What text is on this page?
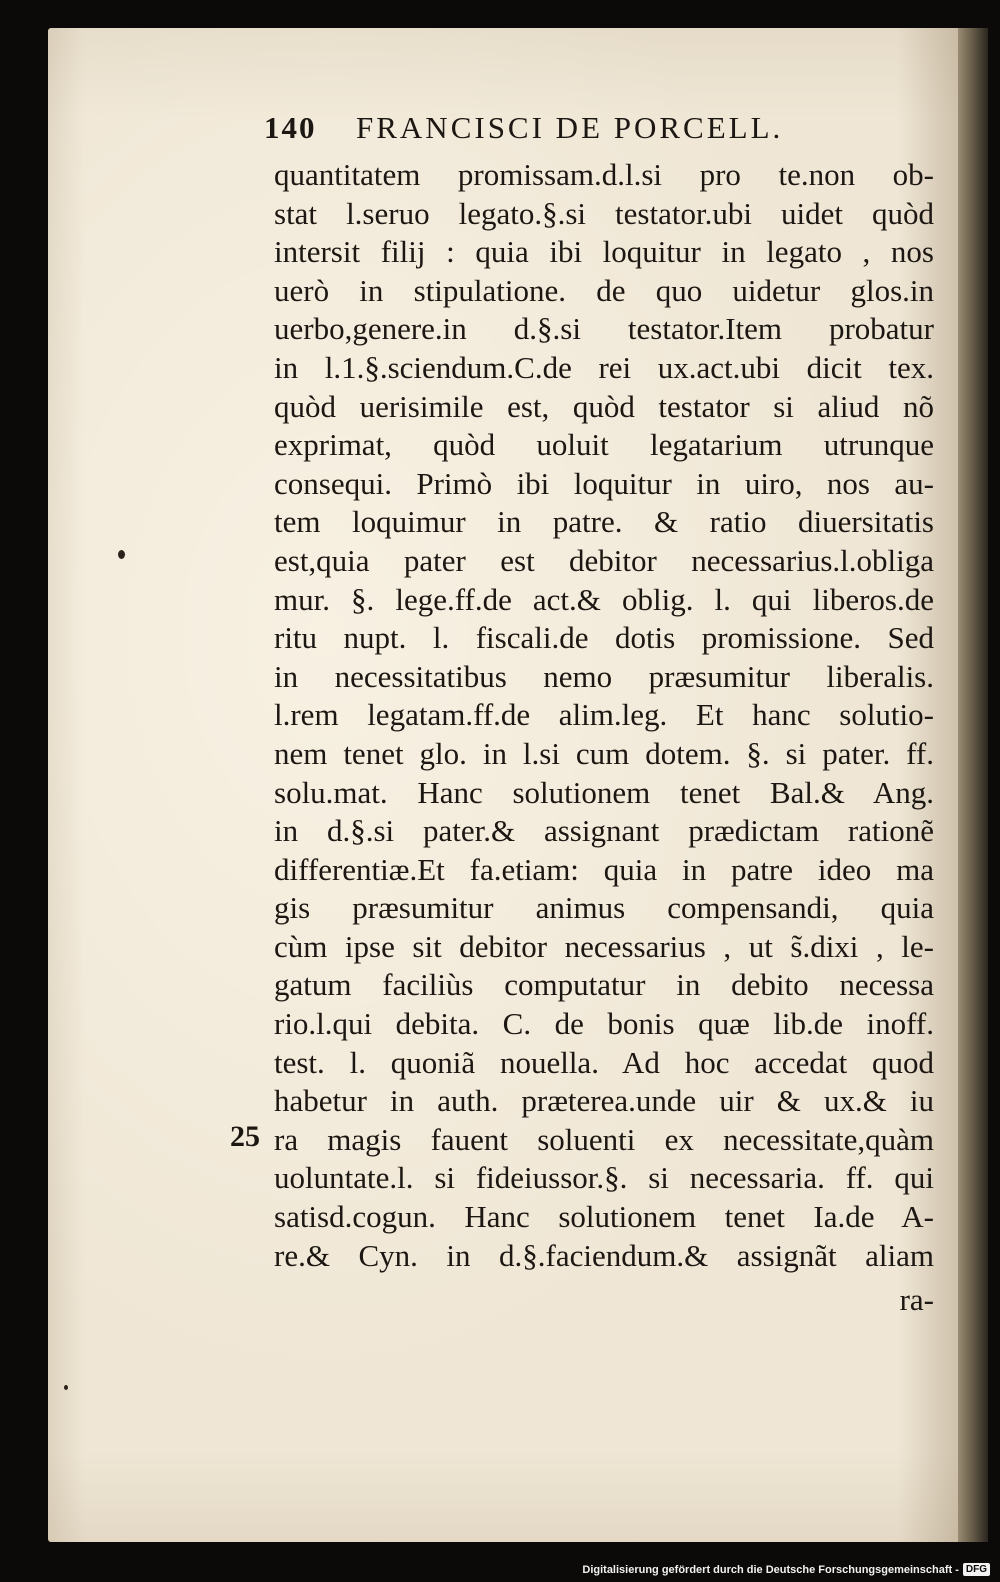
140	FRANCISCI DE PORCELL.
quantitatem promissam.d.l.si pro te.non ob-
stat l.seruo legato.§.si testator.ubi uidet quòd
intersit filij : quia ibi loquitur in legato , nos
uerò in stipulatione. de quo uidetur glos.in
uerbo,genere.in d.§.si testator.Item probatur
in l.1.§.sciendum.C.de rei ux.act.ubi dicit tex.
quòd uerisimile est, quòd testator si aliud nõ
exprimat, quòd uoluit legatarium utrunque
consequi. Primò ibi loquitur in uiro, nos au-
tem loquimur in patre. & ratio diuersitatis
est,quia pater est debitor necessarius.l.obliga
mur. §. lege.ff.de act.& oblig. l. qui liberos.de
ritu nupt. l. fiscali.de dotis promissione. Sed
in necessitatibus nemo præsumitur liberalis.
l.rem legatam.ff.de alim.leg. Et hanc solutio-
nem tenet glo. in l.si cum dotem. §. si pater. ff.
solu.mat. Hanc solutionem tenet Bal.& Ang.
in d.§.si pater.& assignant prædictam rationẽ
differentiæ.Et fa.etiam: quia in patre ideo ma
gis præsumitur animus compensandi, quia
cùm ipse sit debitor necessarius , ut s̃.dixi , le-
gatum faciliùs computatur in debito necessa
rio.l.qui debita. C. de bonis quæ lib.de inoff.
test. l. quoniã nouella. Ad hoc accedat quod
habetur in auth. præterea.unde uir & ux.& iu
ra magis fauent soluenti ex necessitate,quàm
uoluntate.l. si fideiussor.§. si necessaria. ff. qui
satisd.cogun. Hanc solutionem tenet Ia.de A-
re.& Cyn. in d.§.faciendum.& assignãt aliam
ra-
25
Digitalisierung gefördert durch die Deutsche Forschungsgemeinschaft - DFG
